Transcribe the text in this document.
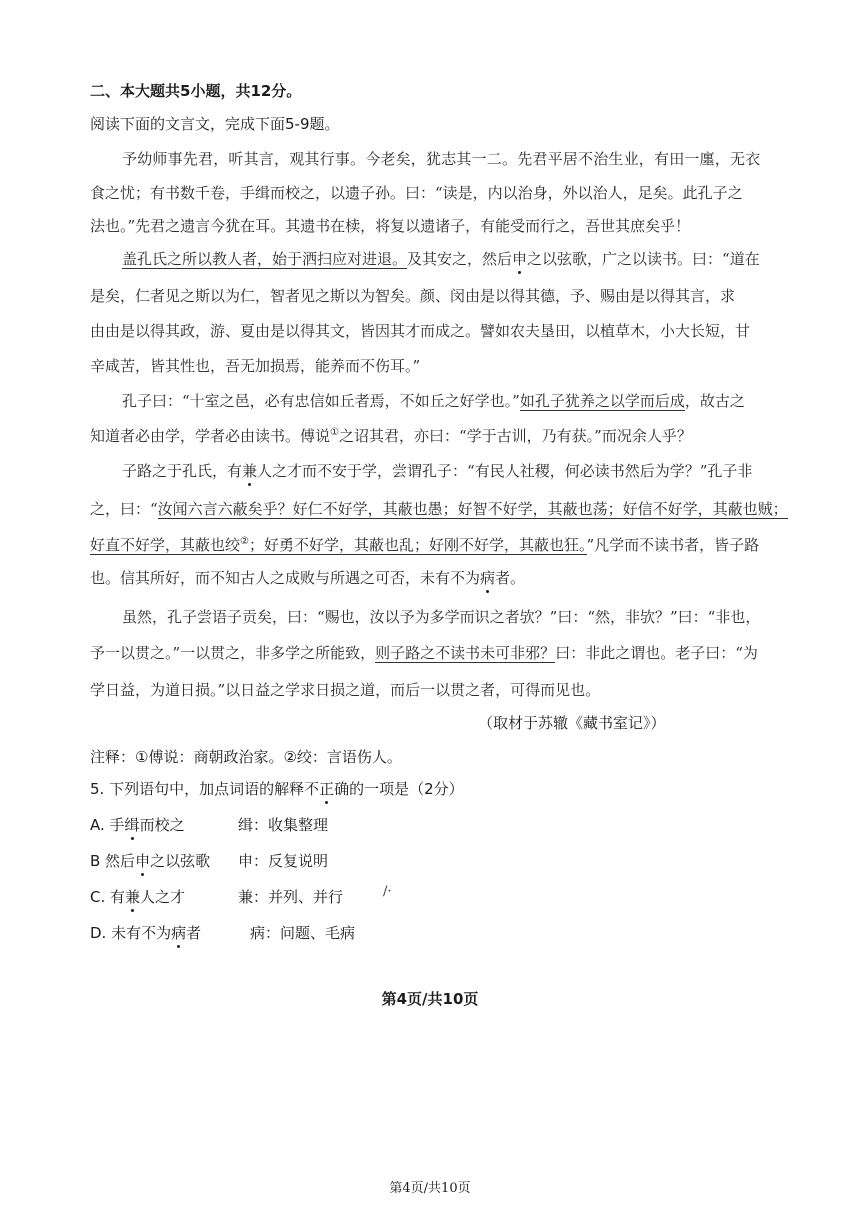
二、本大题共5小题，共12分。
阅读下面的文言文，完成下面5-9题。
予幼师事先君，听其言，观其行事。今老矣，犹志其一二。先君平居不治生业，有田一廛，无衣
食之忧；有书数千卷，手缉而校之，以遗子孙。曰：“读是，内以治身，外以治人，足矣。此孔子之
法也。”先君之遗言今犹在耳。其遗书在椟，将复以遗诸子，有能受而行之，吾世其庶矣乎！
盖孔氏之所以教人者，始于洒扫应对进退。及其安之，然后申之以弦歌，广之以读书。曰：“道在
是矣，仁者见之斯以为仁，智者见之斯以为智矣。颜、闵由是以得其德，予、赐由是以得其言，求
由由是以得其政，游、夏由是以得其文，皆因其才而成之。譬如农夫垦田，以植草木，小大长短，甘
辛咸苦，皆其性也，吾无加损焉，能养而不伤耳。”
孔子曰：“十室之邑，必有忠信如丘者焉，不如丘之好学也。”如孔子犹养之以学而后成，故古之
知道者必由学，学者必由读书。傅说①之诏其君，亦曰：“学于古训，乃有获。”而况余人乎？
子路之于孔氏，有兼人之才而不安于学，尝谓孔子：“有民人社稷，何必读书然后为学？”孔子非
之，曰：“汝闻六言六蔽矣乎？好仁不好学，其蔽也愚；好智不好学，其蔽也荡；好信不好学，其蔽也贼；
好直不好学，其蔽也绞②；好勇不好学，其蔽也乱；好刚不好学，其蔽也狂。”凡学而不读书者，皆子路
也。信其所好，而不知古人之成败与所遇之可否，未有不为病者。
虽然，孔子尝语子贡矣，曰：“赐也，汝以予为多学而识之者欤？”曰：“然，非欤？”曰：“非也，
予一以贯之。”一以贯之，非多学之所能致，则子路之不读书未可非邪？曰：非此之谓也。老子曰：“为
学日益，为道日损。”以日益之学求日损之道，而后一以贯之者，可得而见也。
（取材于苏辙《藏书室记》）
注释：①傅说：商朝政治家。②绞：言语伤人。
5. 下列语句中，加点词语的解释不正确的一项是（2分）
A. 手缉而校之	缉：收集整理
B 然后申之以弦歌 申：反复说明
C. 有兼人之才	兼：并列、并行	/·
D. 未有不为病者	病：问题、毛病
第4页/共10页
第4页/共10页
